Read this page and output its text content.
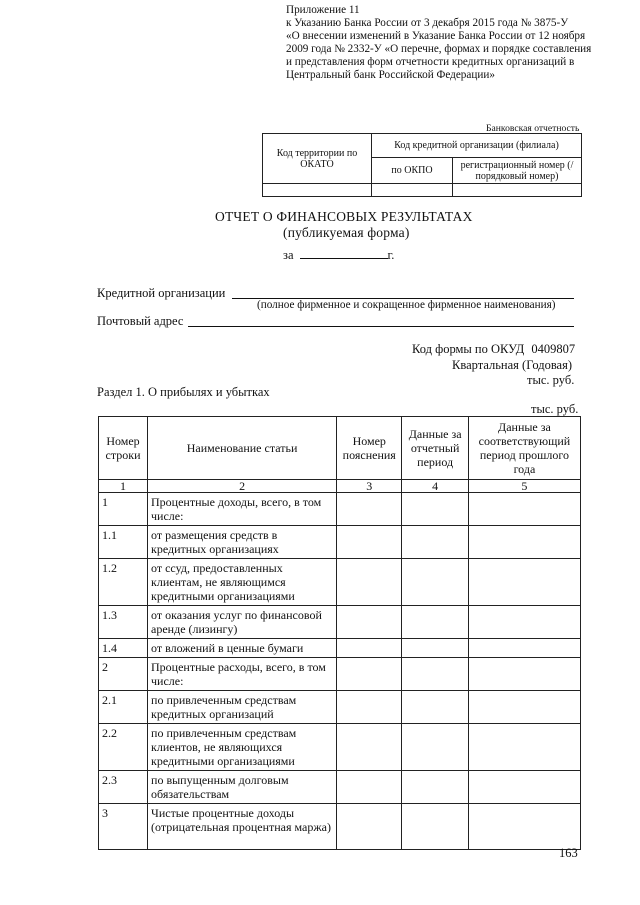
Приложение 11
к Указанию Банка России от 3 декабря 2015 года № 3875-У
«О внесении изменений в Указание Банка России от 12 ноября
2009 года № 2332-У «О перечне, формах и порядке составления
и представления форм отчетности кредитных организаций в
Центральный банк Российской Федерации»
Банковская отчетность
Код территории по ОКАТО	Код кредитной организации (филиала)	
	по ОКПО	регистрационный номер (/порядковый номер)

ОТЧЕТ О ФИНАНСОВЫХ РЕЗУЛЬТАТАХ
(публикуемая форма)
за	г.
Кредитной организации
(полное фирменное и сокращенное фирменное наименования)
Почтовый адрес
Код формы по ОКУД 0409807
Квартальная (Годовая)
тыс. руб.
Раздел 1. О прибылях и убытках
тыс. руб.
Номер строки	Наименование статьи	Номер пояснения	Данные за отчетный период	Данные за соответствующий период прошлого года
1	2	3	4	5
1	Процентные доходы, всего, в том числе:			
1.1	от размещения средств в кредитных организациях			
1.2	от ссуд, предоставленных клиентам, не являющимся кредитными организациями			
1.3	от оказания услуг по финансовой аренде (лизингу)			
1.4	от вложений в ценные бумаги			
2	Процентные расходы, всего, в том числе:			
2.1	по привлеченным средствам кредитных организаций			
2.2	по привлеченным средствам клиентов, не являющихся кредитными организациями			
2.3	по выпущенным долговым обязательствам			
3	Чистые процентные доходы (отрицательная процентная маржа)			
163
